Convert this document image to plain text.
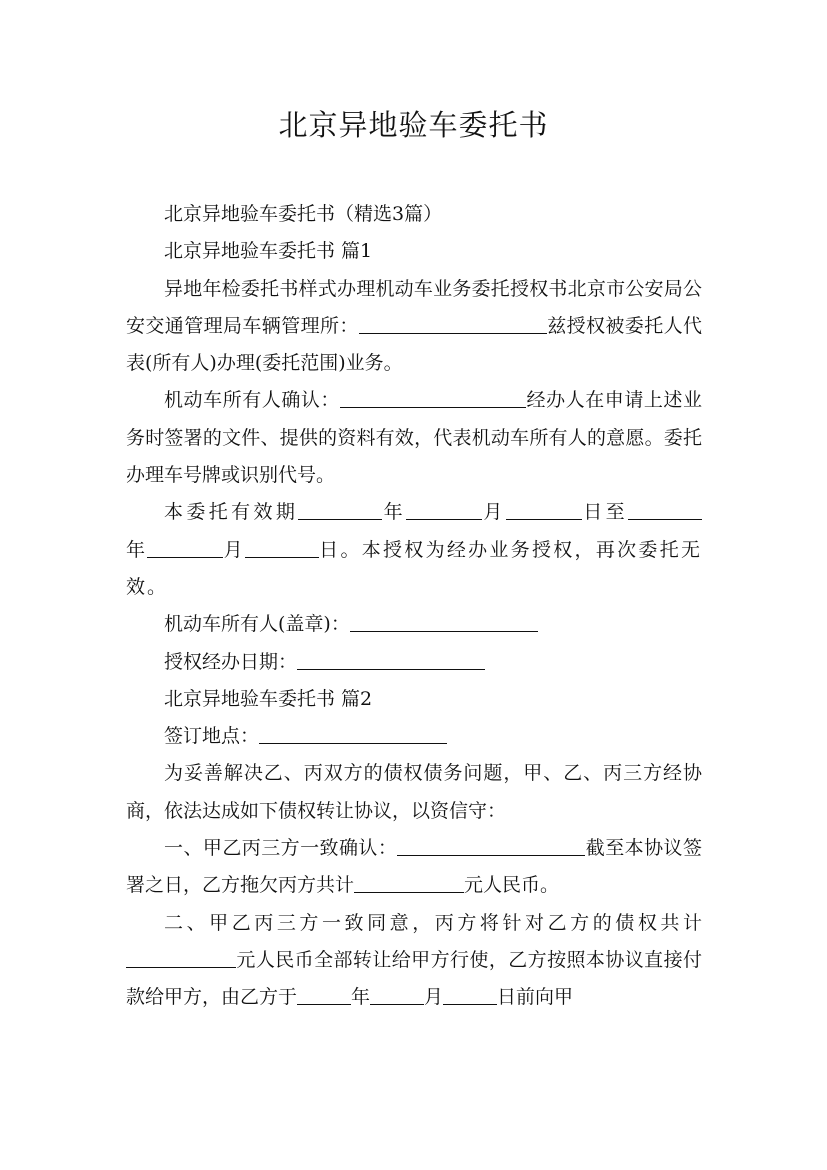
北京异地验车委托书

北京异地验车委托书（精选3篇）

北京异地验车委托书 篇1

异地年检委托书样式办理机动车业务委托授权书北京市公安局公安交通管理局车辆管理所：	兹授权被委托人代表(所有人)办理(委托范围)业务。

机动车所有人确认：	经办人在申请上述业务时签署的文件、提供的资料有效，代表机动车所有人的意愿。委托办理车号牌或识别代号。

本委托有效期	年	月	日至年	月	日。本授权为经办业务授权，再次委托无效。

机动车所有人(盖章)：

授权经办日期：

北京异地验车委托书 篇2

签订地点：

为妥善解决乙、丙双方的债权债务问题，甲、乙、丙三方经协商，依法达成如下债权转让协议，以资信守：

一、甲乙丙三方一致确认：	截至本协议签署之日，乙方拖欠丙方共计	元人民币。

二、甲乙丙三方一致同意，丙方将针对乙方的债权共计元人民币全部转让给甲方行使，乙方按照本协议直接付款给甲方，由乙方于	年	月	日前向甲
